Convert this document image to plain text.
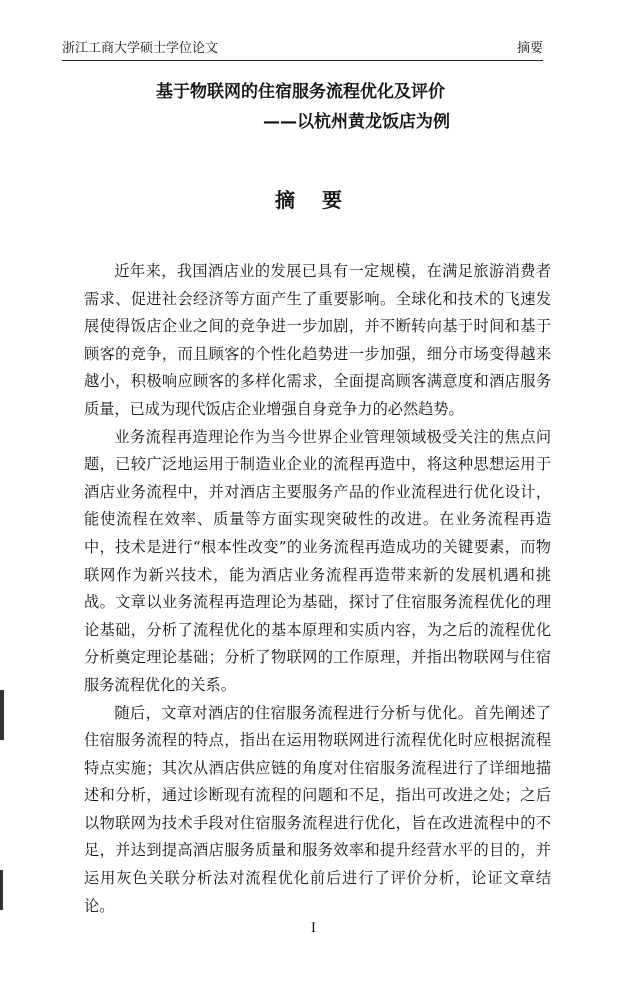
浙江工商大学硕士学位论文	摘要
基于物联网的住宿服务流程优化及评价
——以杭州黄龙饭店为例
摘 要

近年来，我国酒店业的发展已具有一定规模，在满足旅游消费者需求、促进社会经济等方面产生了重要影响。全球化和技术的飞速发展使得饭店企业之间的竞争进一步加剧，并不断转向基于时间和基于顾客的竞争，而且顾客的个性化趋势进一步加强，细分市场变得越来越小，积极响应顾客的多样化需求，全面提高顾客满意度和酒店服务质量，已成为现代饭店企业增强自身竞争力的必然趋势。

业务流程再造理论作为当今世界企业管理领域极受关注的焦点问题，已较广泛地运用于制造业企业的流程再造中，将这种思想运用于酒店业务流程中，并对酒店主要服务产品的作业流程进行优化设计，能使流程在效率、质量等方面实现突破性的改进。在业务流程再造中，技术是进行“根本性改变”的业务流程再造成功的关键要素，而物联网作为新兴技术，能为酒店业务流程再造带来新的发展机遇和挑战。文章以业务流程再造理论为基础，探讨了住宿服务流程优化的理论基础，分析了流程优化的基本原理和实质内容，为之后的流程优化分析奠定理论基础；分析了物联网的工作原理，并指出物联网与住宿服务流程优化的关系。

随后，文章对酒店的住宿服务流程进行分析与优化。首先阐述了住宿服务流程的特点，指出在运用物联网进行流程优化时应根据流程特点实施；其次从酒店供应链的角度对住宿服务流程进行了详细地描述和分析，通过诊断现有流程的问题和不足，指出可改进之处；之后以物联网为技术手段对住宿服务流程进行优化，旨在改进流程中的不足，并达到提高酒店服务质量和服务效率和提升经营水平的目的，并运用灰色关联分析法对流程优化前后进行了评价分析，论证文章结论。

I
